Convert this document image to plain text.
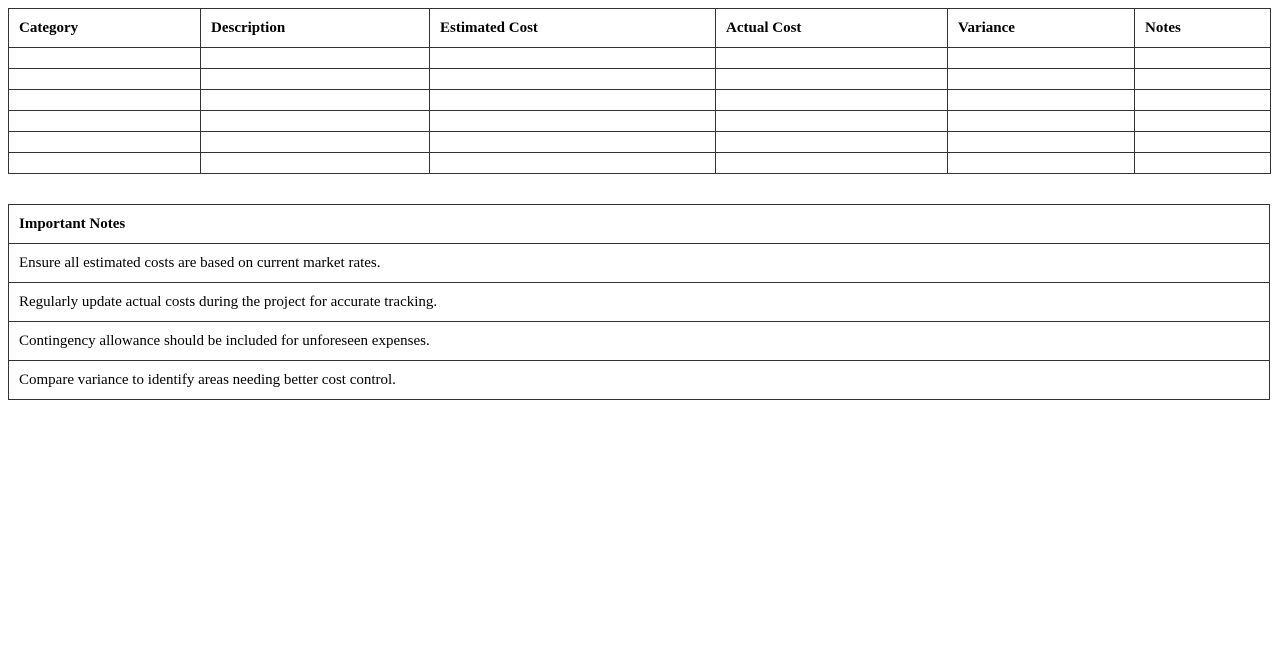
Category	Description	Estimated Cost	Actual Cost	Variance	Notes

Important Notes
Ensure all estimated costs are based on current market rates.
Regularly update actual costs during the project for accurate tracking.
Contingency allowance should be included for unforeseen expenses.
Compare variance to identify areas needing better cost control.
